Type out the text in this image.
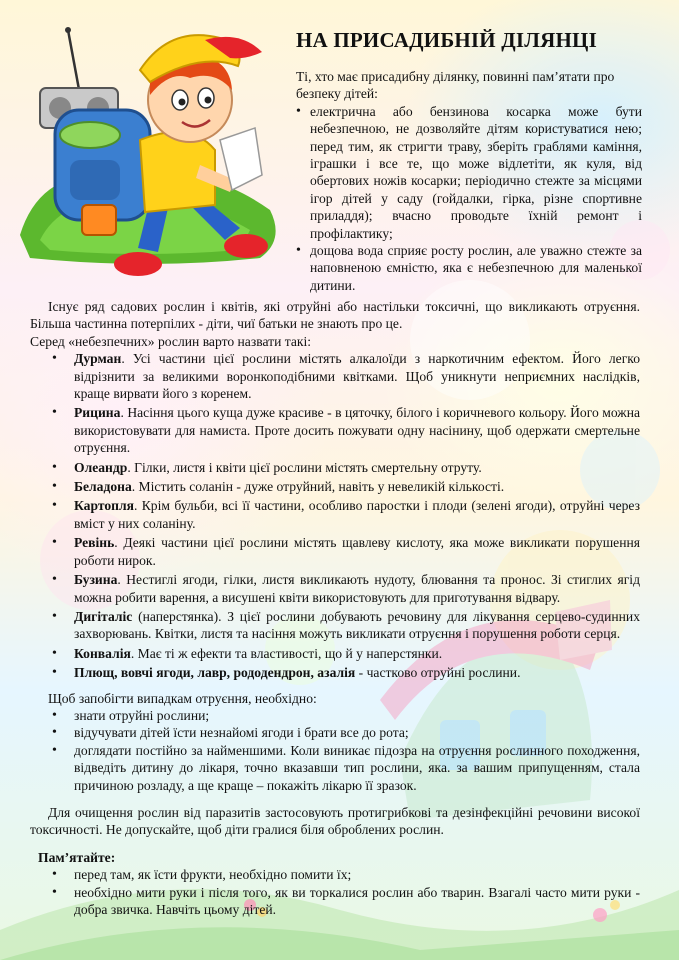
НА ПРИСАДИБНІЙ ДІЛЯНЦІ

Ті, хто має присадибну ділянку, повинні пам’ятати про безпеку дітей:

• електрична або бензинова косарка може бути небезпечною, не дозволяйте дітям користуватися нею; перед тим, як стригти траву, зберіть граблями каміння, іграшки і все те, що може відлетіти, як куля, від обертових ножів косарки; періодично стежте за місцями ігор дітей у саду (гойдалки, гірка, різне спортивне приладдя); вчасно проводьте їхній ремонт і профілактику;
• дощова вода сприяє росту рослин, але уважно стежте за наповненою ємністю, яка є небезпечною для маленької дитини.

Існує ряд садових рослин і квітів, які отруйні або настільки токсичні, що викликають отруєння. Більша частинна потерпілих - діти, чиї батьки не знають про це.

Серед «небезпечних» рослин варто назвати такі:

• Дурман. Усі частини цієї рослини містять алкалоїди з наркотичним ефектом. Його легко відрізнити за великими воронкоподібними квітками. Щоб уникнути неприємних наслідків, краще вирвати його з коренем.
• Рицина. Насіння цього куща дуже красиве - в цяточку, білого і коричневого кольору. Його можна використовувати для намиста. Проте досить пожувати одну насінину, щоб одержати смертельне отруєння.
• Олеандр. Гілки, листя і квіти цієї рослини містять смертельну отруту.
• Беладона. Містить соланін - дуже отруйний, навіть у невеликій кількості.
• Картопля. Крім бульби, всі її частини, особливо паростки і плоди (зелені ягоди), отруйні через вміст у них соланіну.
• Ревінь. Деякі частини цієї рослини містять щавлеву кислоту, яка може викликати порушення роботи нирок.
• Бузина. Нестиглі ягоди, гілки, листя викликають нудоту, блювання та пронос. Зі стиглих ягід можна робити варення, а висушені квіти використовують для приготування відвару.
• Дигіталіс (наперстянка). З цієї рослини добувають речовину для лікування серцево-судинних захворювань. Квітки, листя та насіння можуть викликати отруєння і порушення роботи серця.
• Конвалія. Має ті ж ефекти та властивості, що й у наперстянки.
• Плющ, вовчі ягоди, лавр, рододендрон, азалія - частково отруйні рослини.

Щоб запобігти випадкам отруєння, необхідно:

• знати отруйні рослини;
• відучувати дітей їсти незнайомі ягоди і брати все до рота;
• доглядати постійно за найменшими. Коли виникає підозра на отруєння рослинного походження, відведіть дитину до лікаря, точно вказавши тип рослини, яка. за вашим припущенням, стала причиною розладу, а ще краще – покажіть лікарю її зразок.

Для очищення рослин від паразитів застосовують протигрибкові та дезінфекційні речовини високої токсичності. Не допускайте, щоб діти гралися біля оброблених рослин.

Пам’ятайте:

• перед там, як їсти фрукти, необхідно помити їх;
• необхідно мити руки і після того, як ви торкалися рослин або тварин. Взагалі часто мити руки - добра звичка. Навчіть цьому дітей.
